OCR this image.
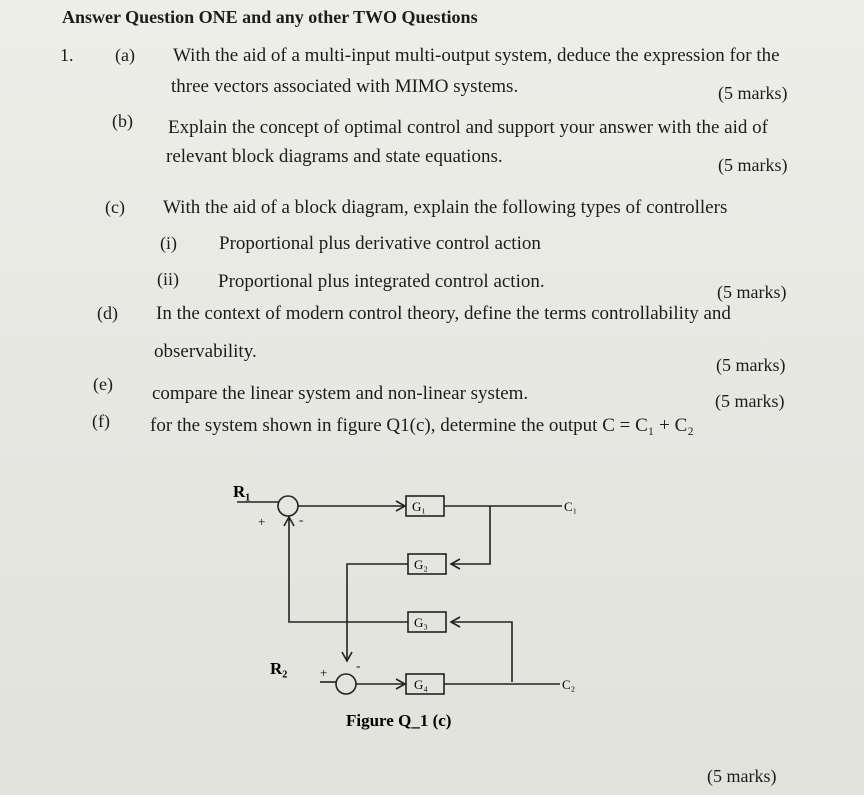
Answer Question ONE and any other TWO Questions
1. (a) With the aid of a multi-input multi-output system, deduce the expression for the
three vectors associated with MIMO systems.	(5 marks)
(b) Explain the concept of optimal control and support your answer with the aid of
relevant block diagrams and state equations.	(5 marks)
(c) With the aid of a block diagram, explain the following types of controllers
(i) Proportional plus derivative control action
(ii) Proportional plus integrated control action.	(5 marks)
(d) In the context of modern control theory, define the terms controllability and
observability.
(5 marks)
(e) compare the linear system and non-linear system.	(5 marks)
(f) for the system shown in figure Q1(c), determine the output C = C₁ + C₂
R₁
+	-
G₁
G₂
G₃
G₄
C₁
C₂
R₂	+ -
Figure Q_1 (c)
(5 marks)
